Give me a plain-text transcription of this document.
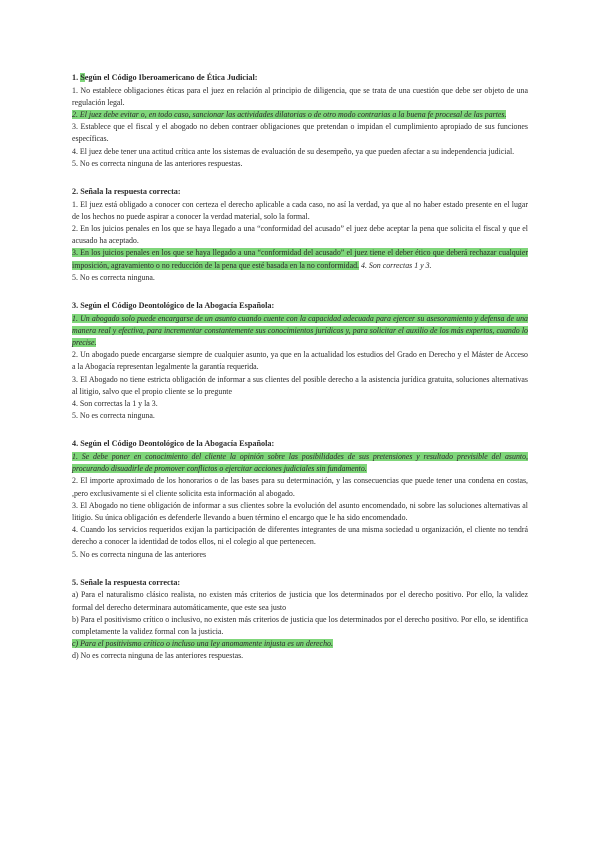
1. Según el Código Iberoamericano de Ética Judicial:

1. No establece obligaciones éticas para el juez en relación al principio de diligencia, que se trata de una cuestión que debe ser objeto de una regulación legal.

2. El juez debe evitar o, en todo caso, sancionar las actividades dilatorias o de otro modo contrarias a la buena fe procesal de las partes.

3. Establece que el fiscal y el abogado no deben contraer obligaciones que pretendan o impidan el cumplimiento apropiado de sus funciones específicas.

4. El juez debe tener una actitud crítica ante los sistemas de evaluación de su desempeño, ya que pueden afectar a su independencia judicial.

5. No es correcta ninguna de las anteriores respuestas.

2. Señala la respuesta correcta:

1. El juez está obligado a conocer con certeza el derecho aplicable a cada caso, no así la verdad, ya que al no haber estado presente en el lugar de los hechos no puede aspirar a conocer la verdad material, solo la formal.

2. En los juicios penales en los que se haya llegado a una “conformidad del acusado” el juez debe aceptar la pena que solicita el fiscal y que el acusado ha aceptado.

3. En los juicios penales en los que se haya llegado a una “conformidad del acusado” el juez tiene el deber ético que deberá rechazar cualquier imposición, agravamiento o no reducción de la pena que esté basada en la no conformidad. 4. Son correctas 1 y 3.

5. No es correcta ninguna.

3. Según el Código Deontológico de la Abogacía Española:

1. Un abogado solo puede encargarse de un asunto cuando cuente con la capacidad adecuada para ejercer su asesoramiento y defensa de una manera real y efectiva, para incrementar constantemente sus conocimientos jurídicos y, para solicitar el auxilio de los más expertos, cuando lo precise.

2. Un abogado puede encargarse siempre de cualquier asunto, ya que en la actualidad los estudios del Grado en Derecho y el Máster de Acceso a la Abogacía representan legalmente la garantía requerida.

3. El Abogado no tiene estricta obligación de informar a sus clientes del posible derecho a la asistencia jurídica gratuita, soluciones alternativas al litigio, salvo que el propio cliente se lo pregunte

4. Son correctas la 1 y la 3.

5. No es correcta ninguna.

4. Según el Código Deontológico de la Abogacía Española:

1. Se debe poner en conocimiento del cliente la opinión sobre las posibilidades de sus pretensiones y resultado previsible del asunto, procurando disuadirle de promover conflictos o ejercitar acciones judiciales sin fundamento.

2. El importe aproximado de los honorarios o de las bases para su determinación, y las consecuencias que puede tener una condena en costas, ,pero exclusivamente si el cliente solicita esta información al abogado.

3. El Abogado no tiene obligación de informar a sus clientes sobre la evolución del asunto encomendado, ni sobre las soluciones alternativas al litigio. Su única obligación es defenderle llevando a buen término el encargo que le ha sido encomendado.

4. Cuando los servicios requeridos exijan la participación de diferentes integrantes de una misma sociedad u organización, el cliente no tendrá derecho a conocer la identidad de todos ellos, ni el colegio al que pertenecen.

5. No es correcta ninguna de las anteriores

5. Señale la respuesta correcta:

a) Para el naturalismo clásico realista, no existen más criterios de justicia que los determinados por el derecho positivo. Por ello, la validez formal del derecho determinara automáticamente, que este sea justo

b) Para el positivismo crítico o inclusivo, no existen más criterios de justicia que los determinados por el derecho positivo. Por ello, se identifica completamente la validez formal con la justicia.

c) Para el positivismo crítico o incluso una ley anomamente injusta es un derecho.

d) No es correcta ninguna de las anteriores respuestas.
